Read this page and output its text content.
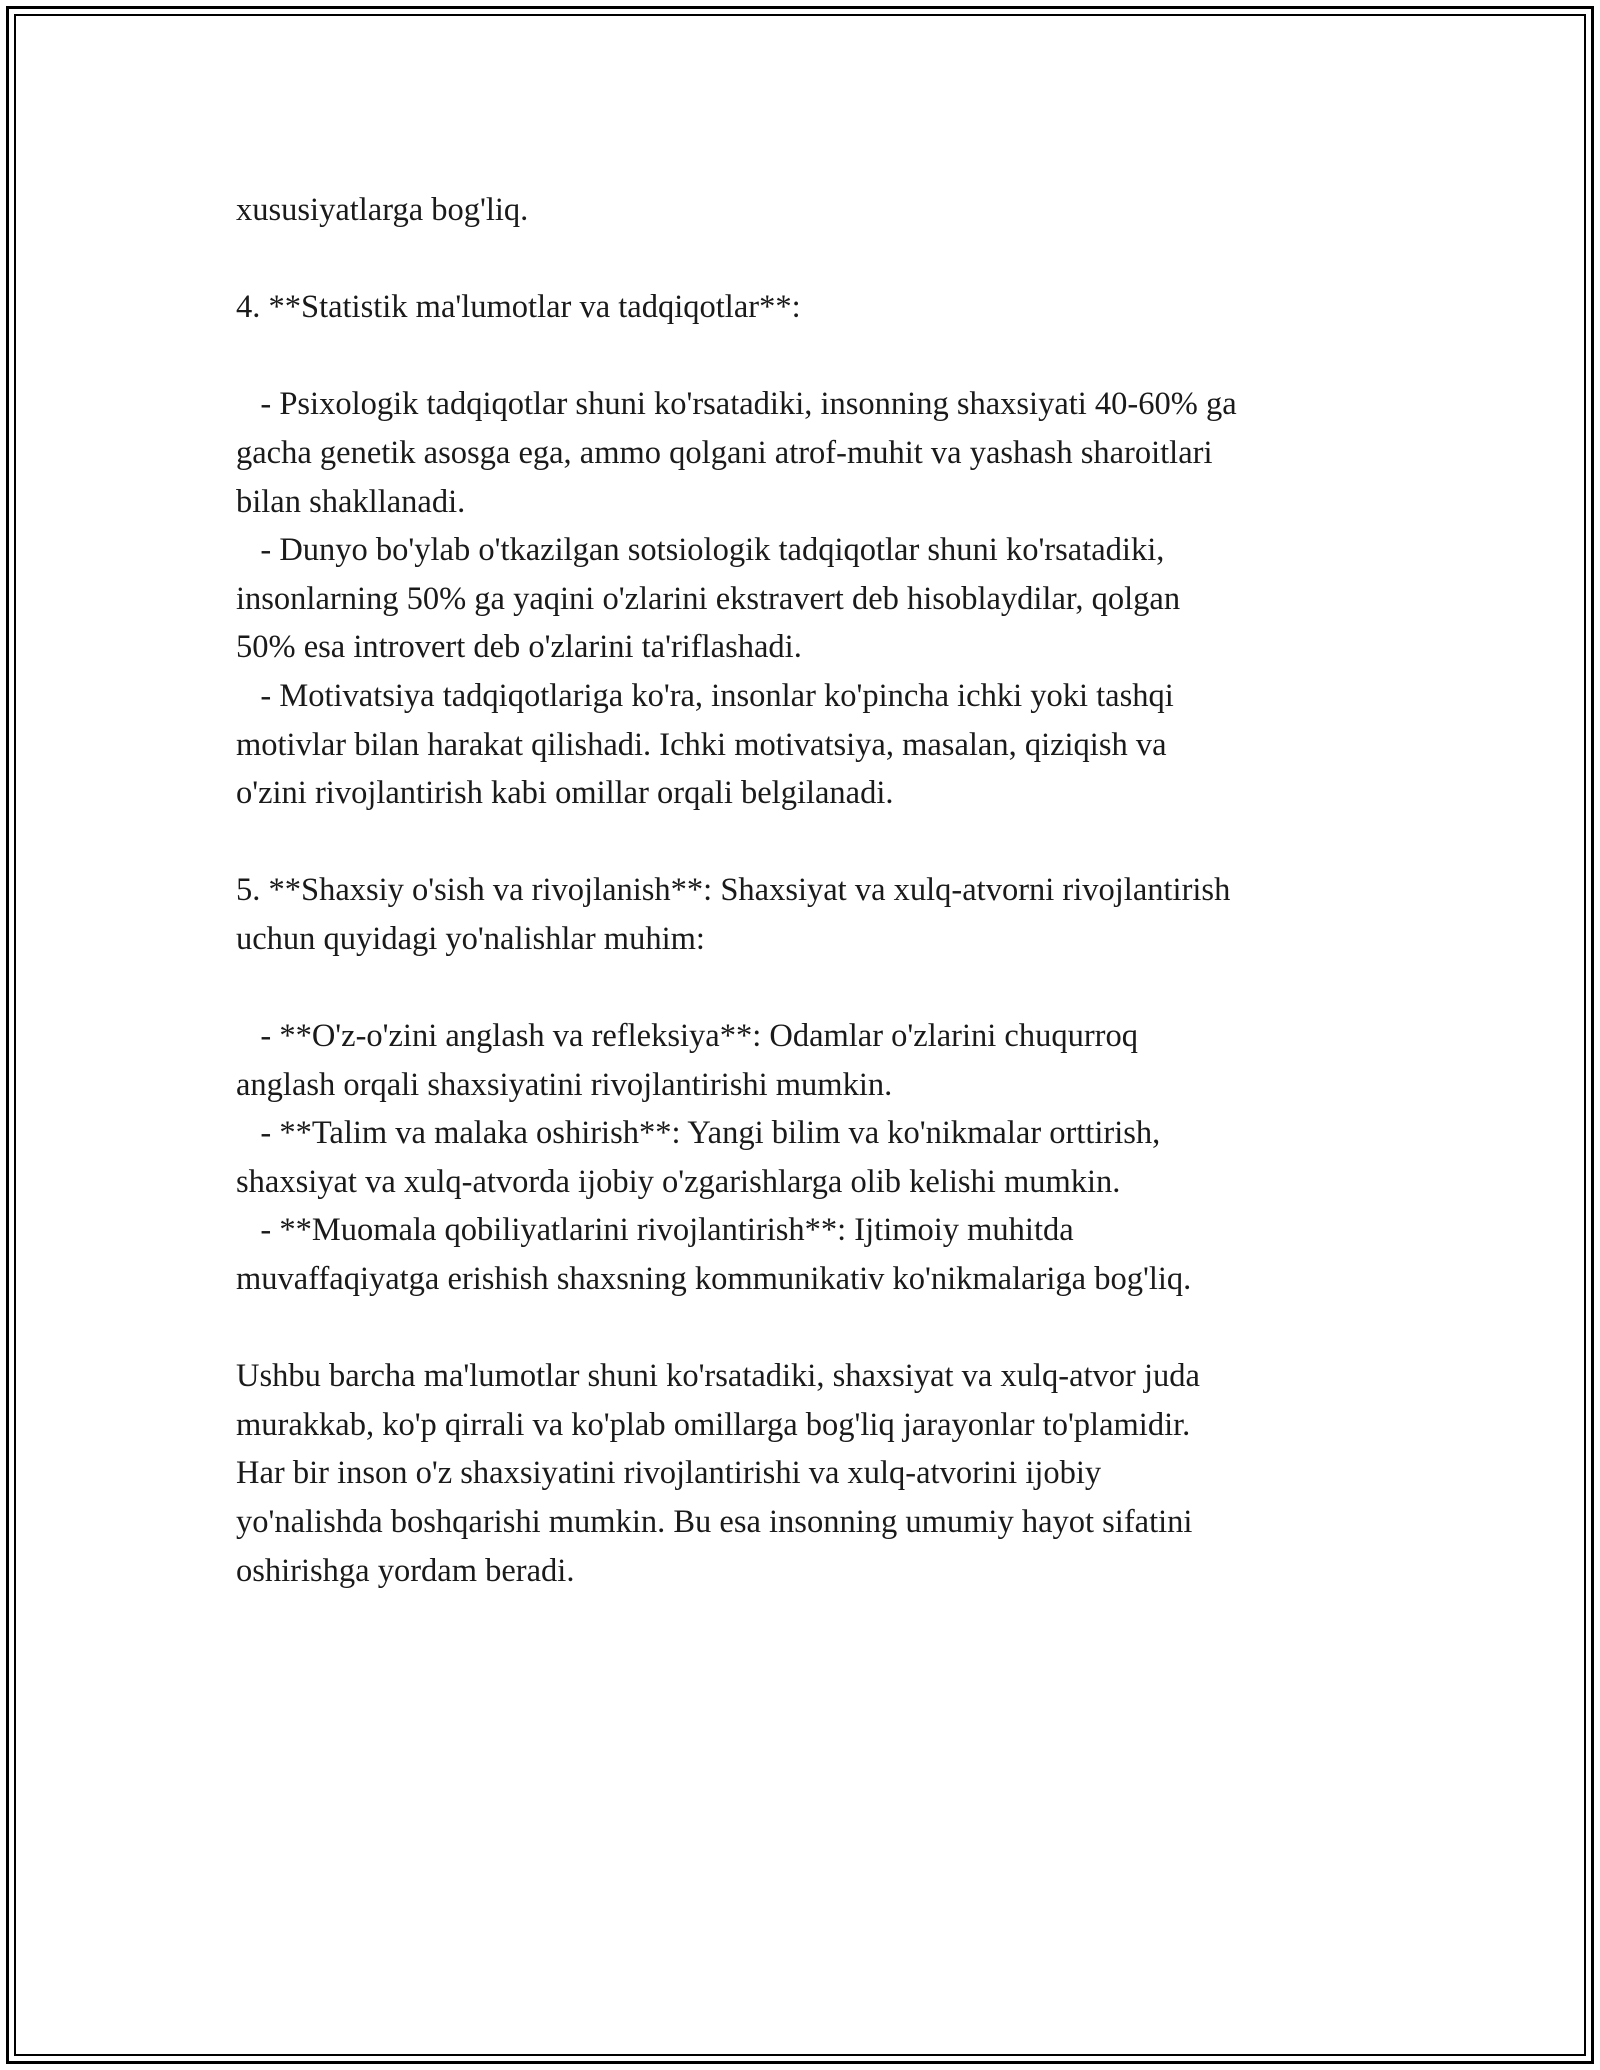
xususiyatlarga bog'liq.
4. **Statistik ma'lumotlar va tadqiqotlar**:
- Psixologik tadqiqotlar shuni ko'rsatadiki, insonning shaxsiyati 40-60% ga
gacha genetik asosga ega, ammo qolgani atrof-muhit va yashash sharoitlari
bilan shakllanadi.
- Dunyo bo'ylab o'tkazilgan sotsiologik tadqiqotlar shuni ko'rsatadiki,
insonlarning 50% ga yaqini o'zlarini ekstravert deb hisoblaydilar, qolgan
50% esa introvert deb o'zlarini ta'riflashadi.
- Motivatsiya tadqiqotlariga ko'ra, insonlar ko'pincha ichki yoki tashqi
motivlar bilan harakat qilishadi. Ichki motivatsiya, masalan, qiziqish va
o'zini rivojlantirish kabi omillar orqali belgilanadi.
5. **Shaxsiy o'sish va rivojlanish**: Shaxsiyat va xulq-atvorni rivojlantirish
uchun quyidagi yo'nalishlar muhim:
- **O'z-o'zini anglash va refleksiya**: Odamlar o'zlarini chuqurroq
anglash orqali shaxsiyatini rivojlantirishi mumkin.
- **Talim va malaka oshirish**: Yangi bilim va ko'nikmalar orttirish,
shaxsiyat va xulq-atvorda ijobiy o'zgarishlarga olib kelishi mumkin.
- **Muomala qobiliyatlarini rivojlantirish**: Ijtimoiy muhitda
muvaffaqiyatga erishish shaxsning kommunikativ ko'nikmalariga bog'liq.
Ushbu barcha ma'lumotlar shuni ko'rsatadiki, shaxsiyat va xulq-atvor juda
murakkab, ko'p qirrali va ko'plab omillarga bog'liq jarayonlar to'plamidir.
Har bir inson o'z shaxsiyatini rivojlantirishi va xulq-atvorini ijobiy
yo'nalishda boshqarishi mumkin. Bu esa insonning umumiy hayot sifatini
oshirishga yordam beradi.
